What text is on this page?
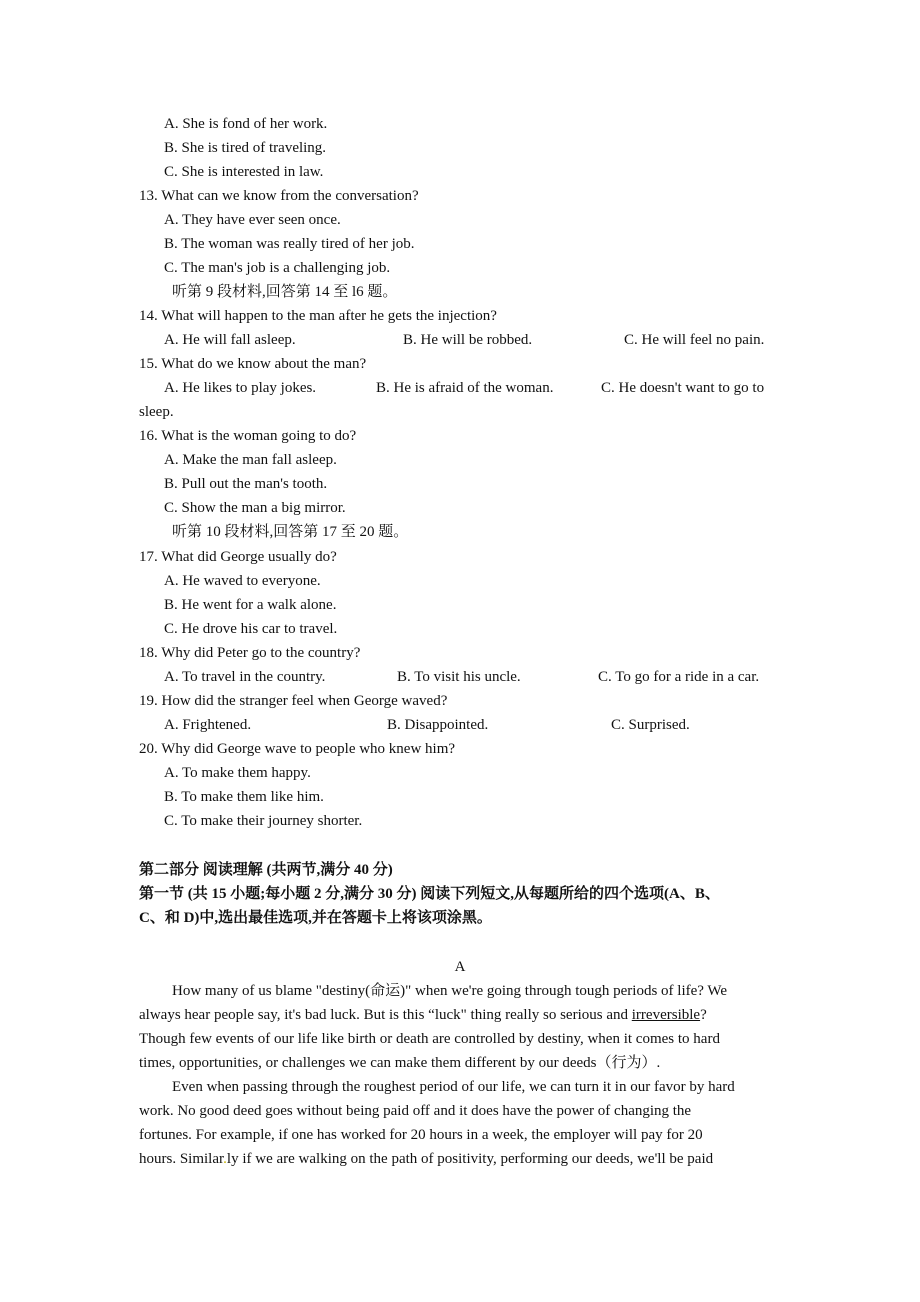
A. She is fond of her work.
B. She is tired of traveling.
C. She is interested in law.
13. What can we know from the conversation?
A. They have ever seen once.
B. The woman was really tired of her job.
C. The man's job is a challenging job.
听第 9 段材料,回答第 14 至 l6 题。
14. What will happen to the man after he gets the injection?
A. He will fall asleep.	B. He will be robbed.	C. He will feel no pain.
15. What do we know about the man?
A. He likes to play jokes.	B. He is afraid of the woman.	C. He doesn't want to go to
sleep.
16. What is the woman going to do?
A. Make the man fall asleep.
B. Pull out the man's tooth.
C. Show the man a big mirror.
听第 10 段材料,回答第 17 至 20 题。
17. What did George usually do?
A. He waved to everyone.
B. He went for a walk alone.
C. He drove his car to travel.
18. Why did Peter go to the country?
A. To travel in the country.	B. To visit his uncle.	C. To go for a ride in a car.
19. How did the stranger feel when George waved?
A. Frightened.	B. Disappointed.	C. Surprised.
20. Why did George wave to people who knew him?
A. To make them happy.
B. To make them like him.
C. To make their journey shorter.
第二部分 阅读理解 (共两节,满分 40 分)
第一节 (共 15 小题;每小题 2 分,满分 30 分) 阅读下列短文,从每题所给的四个选项(A、B、
C、和 D)中,选出最佳选项,并在答题卡上将该项涂黑。
A
How many of us blame "destiny(命运)" when we're going through tough periods of life? We
always hear people say, it's bad luck. But is this “luck" thing really so serious and irreversible?
Though few events of our life like birth or death are controlled by destiny, when it comes to hard
times, opportunities, or challenges we can make them different by our deeds（行为）.
Even when passing through the roughest period of our life, we can turn it in our favor by hard
work. No good deed goes without being paid off and it does have the power of changing the
fortunes. For example, if one has worked for 20 hours in a week, the employer will pay for 20
hours. Similar.ly if we are walking on the path of positivity, performing our deeds, we'll be paid
